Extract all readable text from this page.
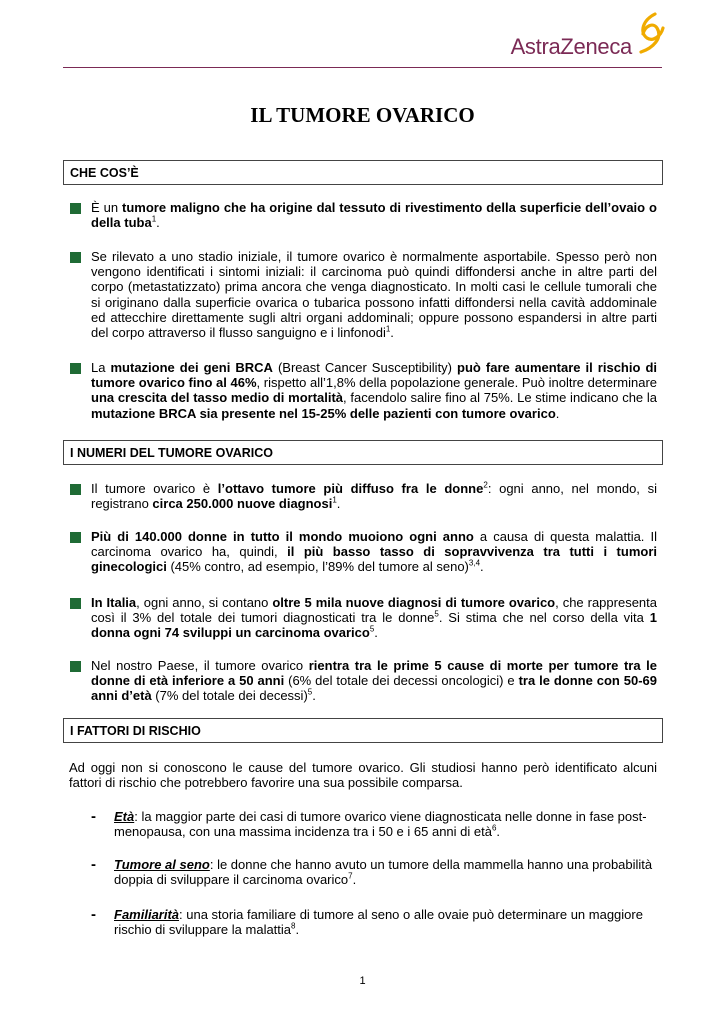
AstraZeneca
IL TUMORE OVARICO
CHE COS’È
È un tumore maligno che ha origine dal tessuto di rivestimento della superficie dell’ovaio o della tuba$^1$.
Se rilevato a uno stadio iniziale, il tumore ovarico è normalmente asportabile. Spesso però non vengono identificati i sintomi iniziali: il carcinoma può quindi diffondersi anche in altre parti del corpo (metastatizzato) prima ancora che venga diagnosticato. In molti casi le cellule tumorali che si originano dalla superficie ovarica o tubarica possono infatti diffondersi nella cavità addominale ed attecchire direttamente sugli altri organi addominali; oppure possono espandersi in altre parti del corpo attraverso il flusso sanguigno e i linfonodi$^1$.
La mutazione dei geni BRCA (Breast Cancer Susceptibility) può fare aumentare il rischio di tumore ovarico fino al 46%, rispetto all’1,8% della popolazione generale. Può inoltre determinare una crescita del tasso medio di mortalità, facendolo salire fino al 75%. Le stime indicano che la mutazione BRCA sia presente nel 15-25% delle pazienti con tumore ovarico.
I NUMERI DEL TUMORE OVARICO
Il tumore ovarico è l’ottavo tumore più diffuso fra le donne$^2$: ogni anno, nel mondo, si registrano circa 250.000 nuove diagnosi$^1$.
Più di 140.000 donne in tutto il mondo muoiono ogni anno a causa di questa malattia. Il carcinoma ovarico ha, quindi, il più basso tasso di sopravvivenza tra tutti i tumori ginecologici (45% contro, ad esempio, l’89% del tumore al seno)$^{3,4}$.
In Italia, ogni anno, si contano oltre 5 mila nuove diagnosi di tumore ovarico, che rappresenta così il 3% del totale dei tumori diagnosticati tra le donne$^5$. Si stima che nel corso della vita 1 donna ogni 74 sviluppi un carcinoma ovarico$^5$.
Nel nostro Paese, il tumore ovarico rientra tra le prime 5 cause di morte per tumore tra le donne di età inferiore a 50 anni (6% del totale dei decessi oncologici) e tra le donne con 50-69 anni d’età (7% del totale dei decessi)$^5$.
I FATTORI DI RISCHIO
Ad oggi non si conoscono le cause del tumore ovarico. Gli studiosi hanno però identificato alcuni fattori di rischio che potrebbero favorire una sua possibile comparsa.
- Età: la maggior parte dei casi di tumore ovarico viene diagnosticata nelle donne in fase post-menopausa, con una massima incidenza tra i 50 e i 65 anni di età$^6$.
- Tumore al seno: le donne che hanno avuto un tumore della mammella hanno una probabilità doppia di sviluppare il carcinoma ovarico$^7$.
- Familiarità: una storia familiare di tumore al seno o alle ovaie può determinare un maggiore rischio di sviluppare la malattia$^8$.
1
